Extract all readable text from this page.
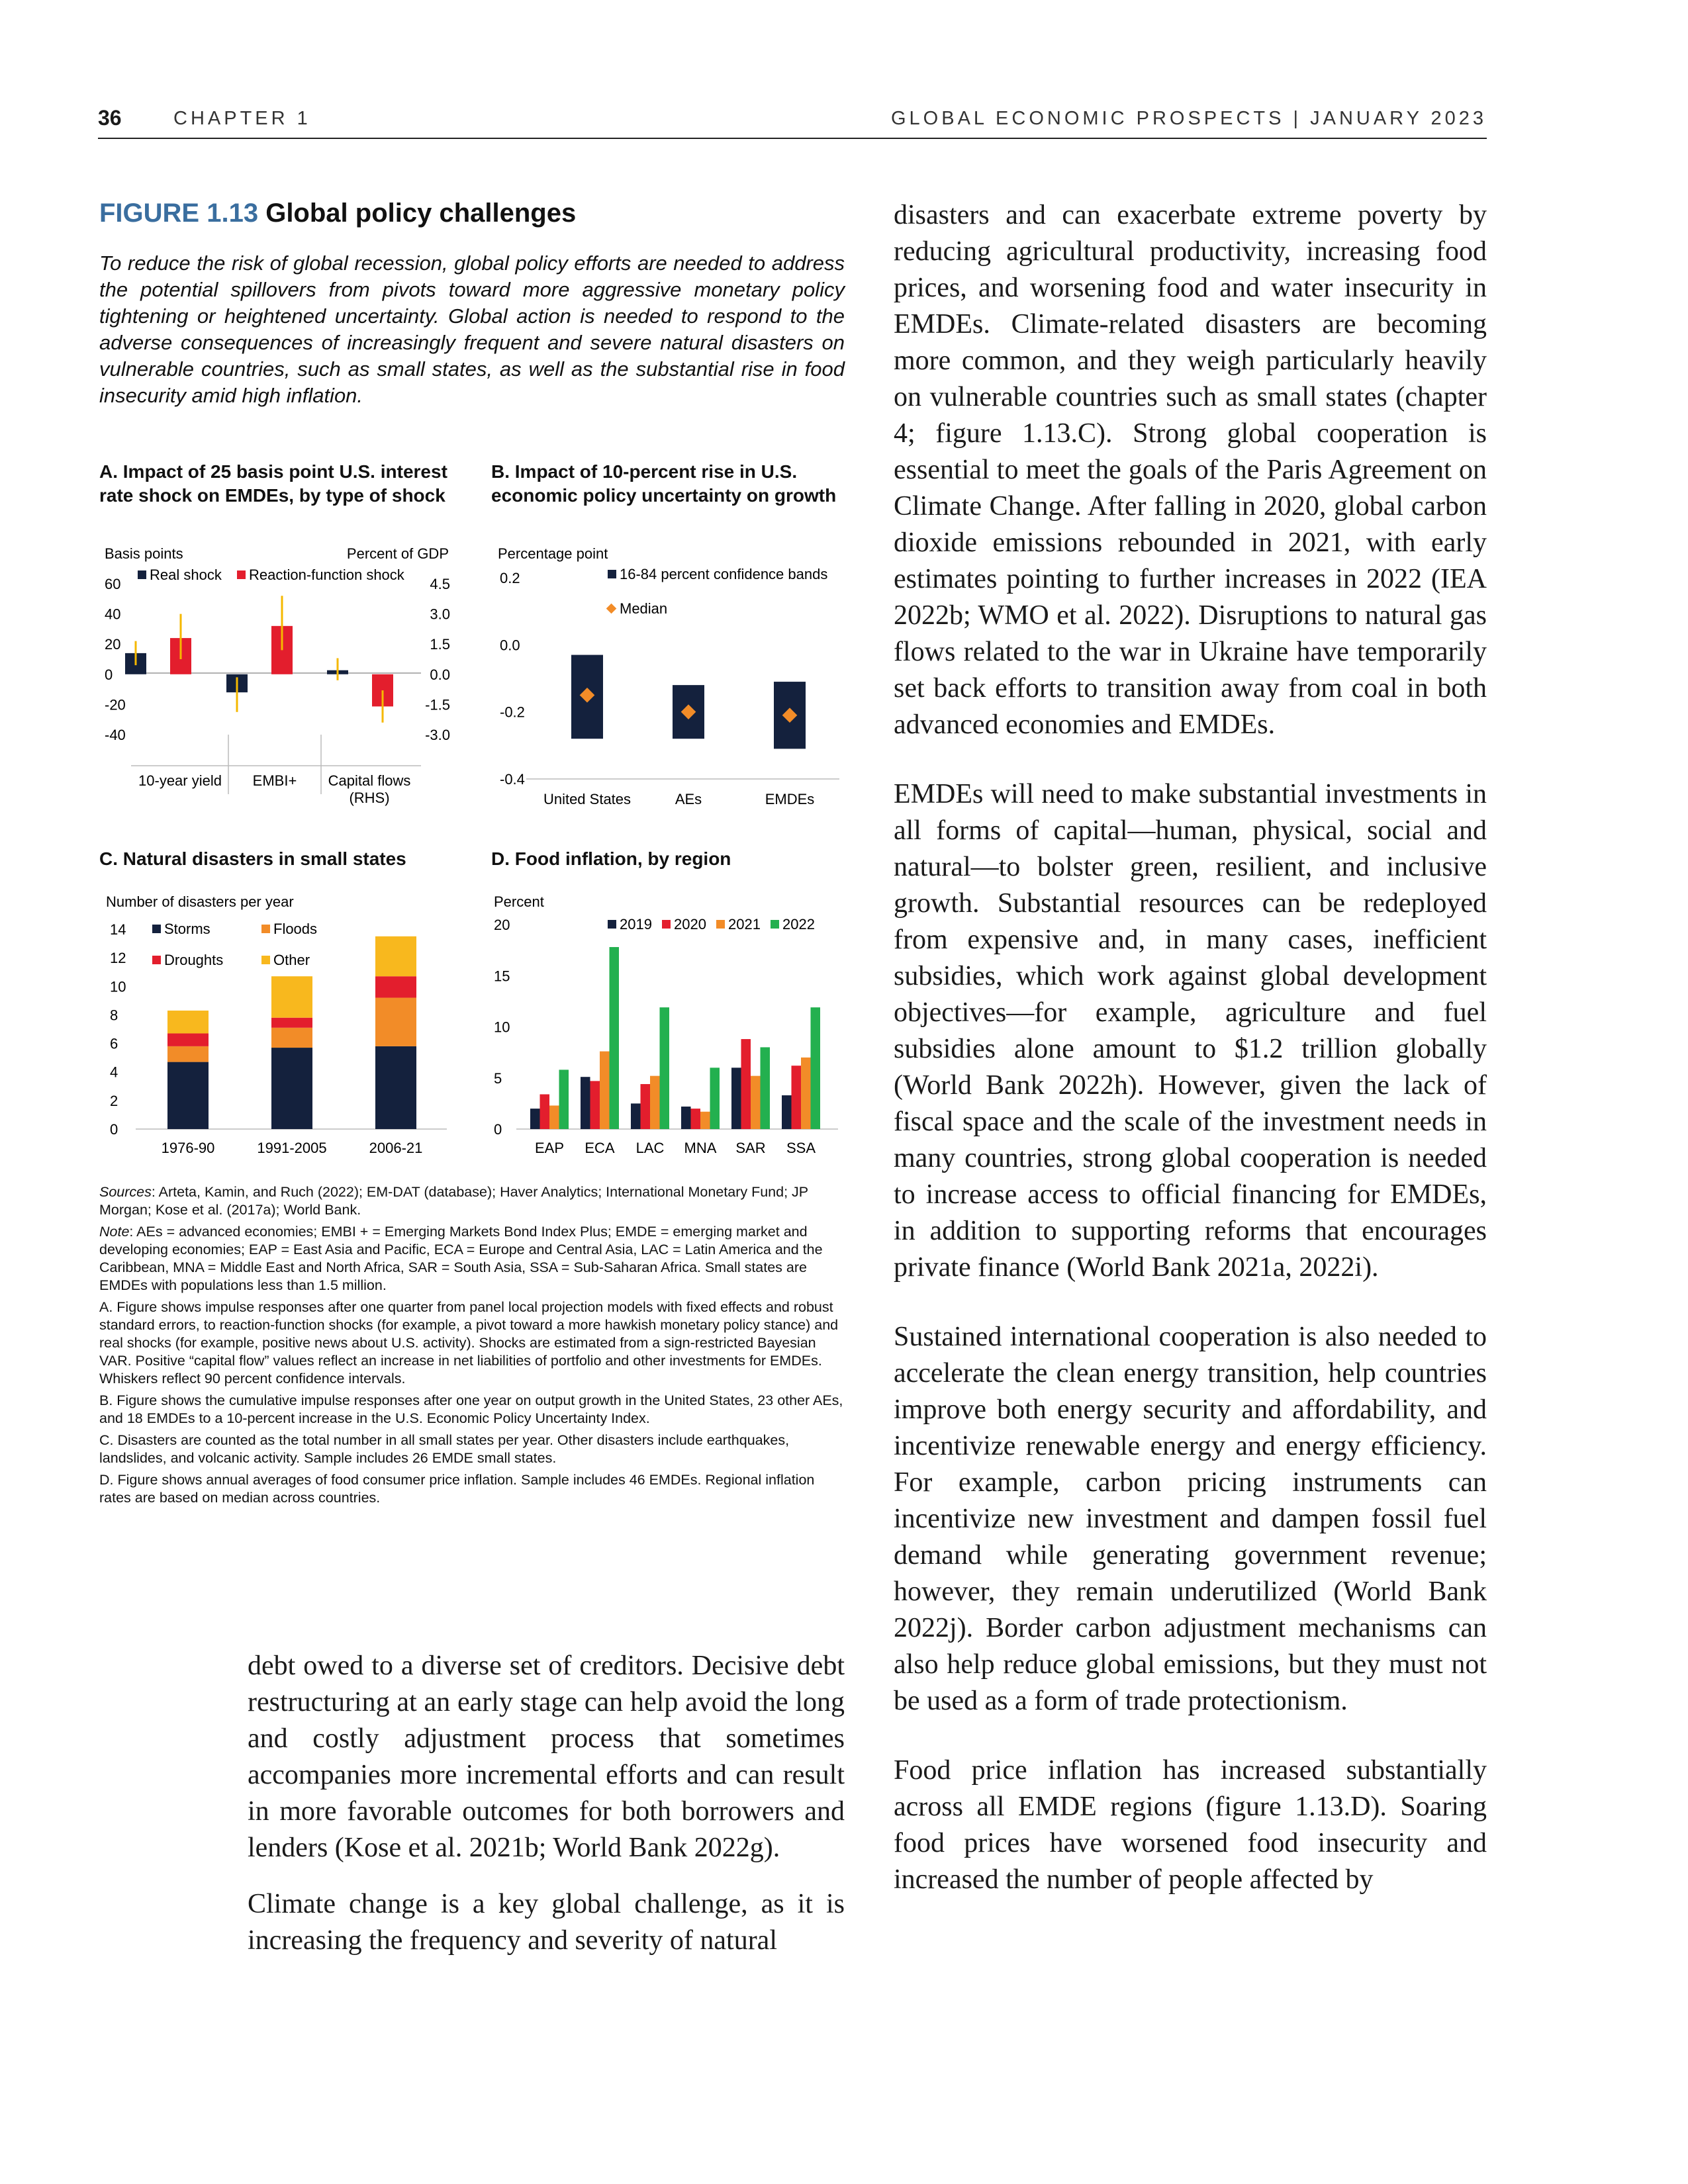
36	CHAPTER 1	GLOBAL ECONOMIC PROSPECTS | JANUARY 2023
FIGURE 1.13 Global policy challenges
To reduce the risk of global recession, global policy efforts are needed to address the potential spillovers from pivots toward more aggressive monetary policy tightening or heightened uncertainty. Global action is needed to respond to the adverse consequences of increasingly frequent and severe natural disasters on vulnerable countries, such as small states, as well as the substantial rise in food insecurity amid high inflation.
A. Impact of 25 basis point U.S. interest rate shock on EMDEs, by type of shock
B. Impact of 10-percent rise in U.S. economic policy uncertainty on growth
C. Natural disasters in small states	D. Food inflation, by region
Basis points	Percent of GDP
Real shock Reaction-function shock
60
40
20
0
-20
-40
4.5
3.0
1.5
0.0
-1.5
-3.0
10-year yield EMBI+ Capital flows
(RHS)
Percentage point
16-84 percent confidence bands
Median
0.2
0.0
-0.2
-0.4
United States	AEs	EMDEs
Number of disasters per year
Storms	Floods
Droughts	Other
14
12
10
8
6
4
2
0
1976-90	1991-2005	2006-21
Percent
2019 2020 2021 2022
20
15
10
5
0
EAP ECA LAC MNA SAR SSA

Sources: Arteta, Kamin, and Ruch (2022); EM-DAT (database); Haver Analytics; International Monetary Fund; JP Morgan; Kose et al. (2017a); World Bank.

Note: AEs = advanced economies; EMBI + = Emerging Markets Bond Index Plus; EMDE = emerging market and developing economies; EAP = East Asia and Pacific, ECA = Europe and Central Asia, LAC = Latin America and the Caribbean, MNA = Middle East and North Africa, SAR = South Asia, SSA = Sub-Saharan Africa. Small states are EMDEs with populations less than 1.5 million.

A. Figure shows impulse responses after one quarter from panel local projection models with fixed effects and robust standard errors, to reaction-function shocks (for example, a pivot toward a more hawkish monetary policy stance) and real shocks (for example, positive news about U.S. activity). Shocks are estimated from a sign-restricted Bayesian VAR. Positive “capital flow” values reflect an increase in net liabilities of portfolio and other investments for EMDEs. Whiskers reflect 90 percent confidence intervals.

B. Figure shows the cumulative impulse responses after one year on output growth in the United States, 23 other AEs, and 18 EMDEs to a 10-percent increase in the U.S. Economic Policy Uncertainty Index.

C. Disasters are counted as the total number in all small states per year. Other disasters include earthquakes, landslides, and volcanic activity. Sample includes 26 EMDE small states.

D. Figure shows annual averages of food consumer price inflation. Sample includes 46 EMDEs. Regional inflation rates are based on median across countries.

debt owed to a diverse set of creditors. Decisive debt restructuring at an early stage can help avoid the long and costly adjustment process that sometimes accompanies more incremental efforts and can result in more favorable outcomes for both borrowers and lenders (Kose et al. 2021b; World Bank 2022g).

Climate change is a key global challenge, as it is increasing the frequency and severity of natural

disasters and can exacerbate extreme poverty by reducing agricultural productivity, increasing food prices, and worsening food and water insecurity in EMDEs. Climate-related disasters are becoming more common, and they weigh particularly heavily on vulnerable countries such as small states (chapter 4; figure 1.13.C). Strong global cooperation is essential to meet the goals of the Paris Agreement on Climate Change. After falling in 2020, global carbon dioxide emissions rebounded in 2021, with early estimates pointing to further increases in 2022 (IEA 2022b; WMO et al. 2022). Disruptions to natural gas flows related to the war in Ukraine have temporarily set back efforts to transition away from coal in both advanced economies and EMDEs.

EMDEs will need to make substantial investments in all forms of capital—human, physical, social and natural—to bolster green, resilient, and inclusive growth. Substantial resources can be redeployed from expensive and, in many cases, inefficient subsidies, which work against global development objectives—for example, agriculture and fuel subsidies alone amount to $1.2 trillion globally (World Bank 2022h). However, given the lack of fiscal space and the scale of the investment needs in many countries, strong global cooperation is needed to increase access to official financing for EMDEs, in addition to supporting reforms that encourages private finance (World Bank 2021a, 2022i).

Sustained international cooperation is also needed to accelerate the clean energy transition, help countries improve both energy security and affordability, and incentivize renewable energy and energy efficiency. For example, carbon pricing instruments can incentivize new investment and dampen fossil fuel demand while generating government revenue; however, they remain underutilized (World Bank 2022j). Border carbon adjustment mechanisms can also help reduce global emissions, but they must not be used as a form of trade protectionism.

Food price inflation has increased substantially across all EMDE regions (figure 1.13.D). Soaring food prices have worsened food insecurity and increased the number of people affected by
